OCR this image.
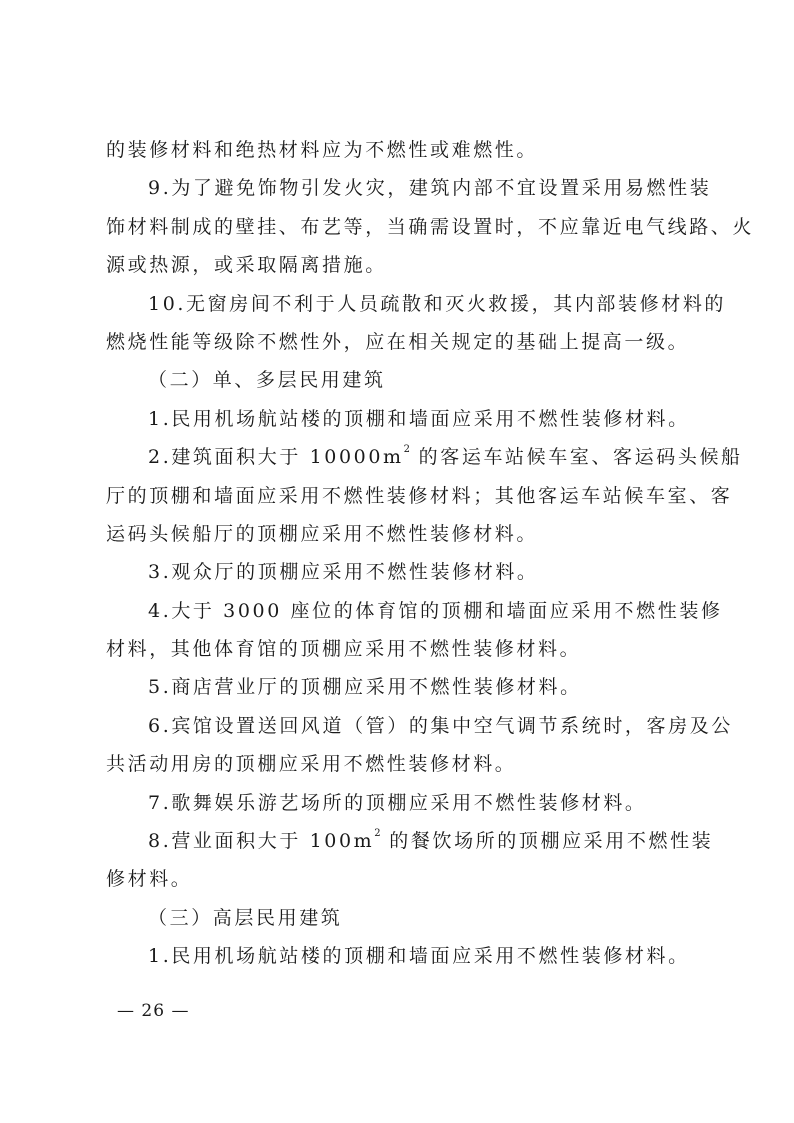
的装修材料和绝热材料应为不燃性或难燃性。
9.为了避免饰物引发火灾，建筑内部不宜设置采用易燃性装
饰材料制成的壁挂、布艺等，当确需设置时，不应靠近电气线路、火
源或热源，或采取隔离措施。
10.无窗房间不利于人员疏散和灭火救援，其内部装修材料的
燃烧性能等级除不燃性外，应在相关规定的基础上提高一级。
（二）单、多层民用建筑
1.民用机场航站楼的顶棚和墙面应采用不燃性装修材料。
2.建筑面积大于 $10000m^2$ 的客运车站候车室、客运码头候船
厅的顶棚和墙面应采用不燃性装修材料；其他客运车站候车室、客
运码头候船厅的顶棚应采用不燃性装修材料。
3.观众厅的顶棚应采用不燃性装修材料。
4.大于 3000 座位的体育馆的顶棚和墙面应采用不燃性装修
材料，其他体育馆的顶棚应采用不燃性装修材料。
5.商店营业厅的顶棚应采用不燃性装修材料。
6.宾馆设置送回风道（管）的集中空气调节系统时，客房及公
共活动用房的顶棚应采用不燃性装修材料。
7.歌舞娱乐游艺场所的顶棚应采用不燃性装修材料。
8.营业面积大于 $100m^2$ 的餐饮场所的顶棚应采用不燃性装
修材料。
（三）高层民用建筑
1.民用机场航站楼的顶棚和墙面应采用不燃性装修材料。
— 26 —
